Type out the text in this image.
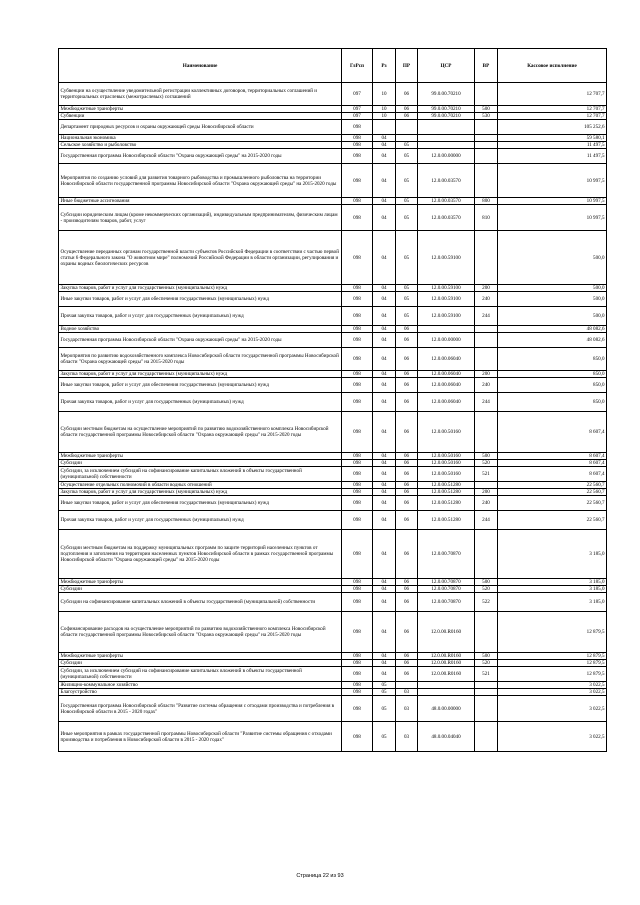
Наименование	ГлРсп	Рз	ПР	ЦСР	ВР	Кассовое исполнение
Субвенции на осуществление уведомительной регистрации коллективных договоров, территориальных соглашений и территориальных отраслевых (межотраслевых) соглашений	097	10	06	99.0.00.70210		12 707,7
Межбюджетные трансферты	097	10	06	99.0.00.70210	500	12 707,7
Субвенции	097	10	06	99.0.00.70210	530	12 707,7
Департамент природных ресурсов и охраны окружающей среды Новосибирской области	098					105 252,6
Национальная экономика	098	04				59 580,1
Сельское хозяйство и рыболовство	098	04	05			11 497,5
Государственная программа Новосибирской области "Охрана окружающей среды" на 2015-2020 годы	098	04	05	12.0.00.00000		11 497,5
Мероприятия по созданию условий для развития товарного рыбоводства и промышленного рыболовства на территории Новосибирской области государственной программы Новосибирской области "Охрана окружающей среды" на 2015-2020 годы	098	04	05	12.0.00.03570		10 997,5
Иные бюджетные ассигнования	098	04	05	12.0.00.03570	800	10 997,5
Субсидии юридическим лицам (кроме некоммерческих организаций), индивидуальным предпринимателям, физическим лицам - производителям товаров, работ, услуг	098	04	05	12.0.00.03570	810	10 997,5
Осуществление переданных органам государственной власти субъектов Российской Федерации в соответствии с частью первой статьи 6 Федерального закона "О животном мире" полномочий Российской Федерации в области организации, регулирования и охраны водных биологических ресурсов	098	04	05	12.0.00.59100		500,0
Закупка товаров, работ и услуг для государственных (муниципальных) нужд	098	04	05	12.0.00.59100	200	500,0
Иные закупки товаров, работ и услуг для обеспечения государственных (муниципальных) нужд	098	04	05	12.0.00.59100	240	500,0
Прочая закупка товаров, работ и услуг для государственных (муниципальных) нужд	098	04	05	12.0.00.59100	244	500,0
Водное хозяйство	098	04	06			48 082,6
Государственная программа Новосибирской области "Охрана окружающей среды" на 2015-2020 годы	098	04	06	12.0.00.00000		48 082,6
Мероприятия по развитию водохозяйственного комплекса Новосибирской области государственной программы Новосибирской области "Охрана окружающей среды" на 2015-2020 годы	098	04	06	12.0.00.06040		850,0
Закупка товаров, работ и услуг для государственных (муниципальных) нужд	098	04	06	12.0.00.06040	200	850,0
Иные закупки товаров, работ и услуг для обеспечения государственных (муниципальных) нужд	098	04	06	12.0.00.06040	240	850,0
Прочая закупка товаров, работ и услуг для государственных (муниципальных) нужд	098	04	06	12.0.00.06040	244	850,0
Субсидии местным бюджетам на осуществление мероприятий по развитию водохозяйственного комплекса Новосибирской области государственной программы Новосибирской области "Охрана окружающей среды" на 2015-2020 годы	098	04	06	12.0.00.50160		8 607,4
Межбюджетные трансферты	098	04	06	12.0.00.50160	500	8 607,4
Субсидии	098	04	06	12.0.00.50160	520	8 607,4
Субсидии, за исключением субсидий на софинансирование капитальных вложений в объекты государственной (муниципальной) собственности	098	04	06	12.0.00.50160	521	8 607,4
Осуществление отдельных полномочий в области водных отношений	098	04	06	12.0.00.51280		22 560,7
Закупка товаров, работ и услуг для государственных (муниципальных) нужд	098	04	06	12.0.00.51280	200	22 560,7
Иные закупки товаров, работ и услуг для обеспечения государственных (муниципальных) нужд	098	04	06	12.0.00.51280	240	22 560,7
Прочая закупка товаров, работ и услуг для государственных (муниципальных) нужд	098	04	06	12.0.00.51280	244	22 560,7
Субсидии местным бюджетам на поддержку муниципальных программ по защите территорий населенных пунктов от подтопления и затопления на территории населенных пунктов Новосибирской области в рамках государственной программы Новосибирской области "Охрана окружающей среды" на 2015-2020 годы	098	04	06	12.0.00.70870		3 185,0
Межбюджетные трансферты	098	04	06	12.0.00.70870	500	3 185,0
Субсидии	098	04	06	12.0.00.70870	520	3 185,0
Субсидии на софинансирование капитальных вложений в объекты государственной (муниципальной) собственности	098	04	06	12.0.00.70870	522	3 185,0
Софинансирование расходов на осуществление мероприятий по развитию водохозяйственного комплекса Новосибирской области государственной программы Новосибирской области "Охрана окружающей среды" на 2015-2020 годы	098	04	06	12.0.00.R0160		12 879,5
Межбюджетные трансферты	098	04	06	12.0.00.R0160	500	12 879,5
Субсидии	098	04	06	12.0.00.R0160	520	12 879,5
Субсидии, за исключением субсидий на софинансирование капитальных вложений в объекты государственной (муниципальной) собственности	098	04	06	12.0.00.R0160	521	12 879,5
Жилищно-коммунальное хозяйство	098	05				3 022,5
Благоустройство	098	05	03			3 022,5
Государственная программа Новосибирской области "Развитие системы обращения с отходами производства и потребления в Новосибирской области в 2015 - 2020 годах"	098	05	03	48.0.00.00000		3 022,5
Иные мероприятия в рамках государственной программы Новосибирской области "Развитие системы обращения с отходами производства и потребления в Новосибирской области в 2015 - 2020 годах"	098	05	03	48.0.00.04040		3 022,5
Страница 22 из 93
